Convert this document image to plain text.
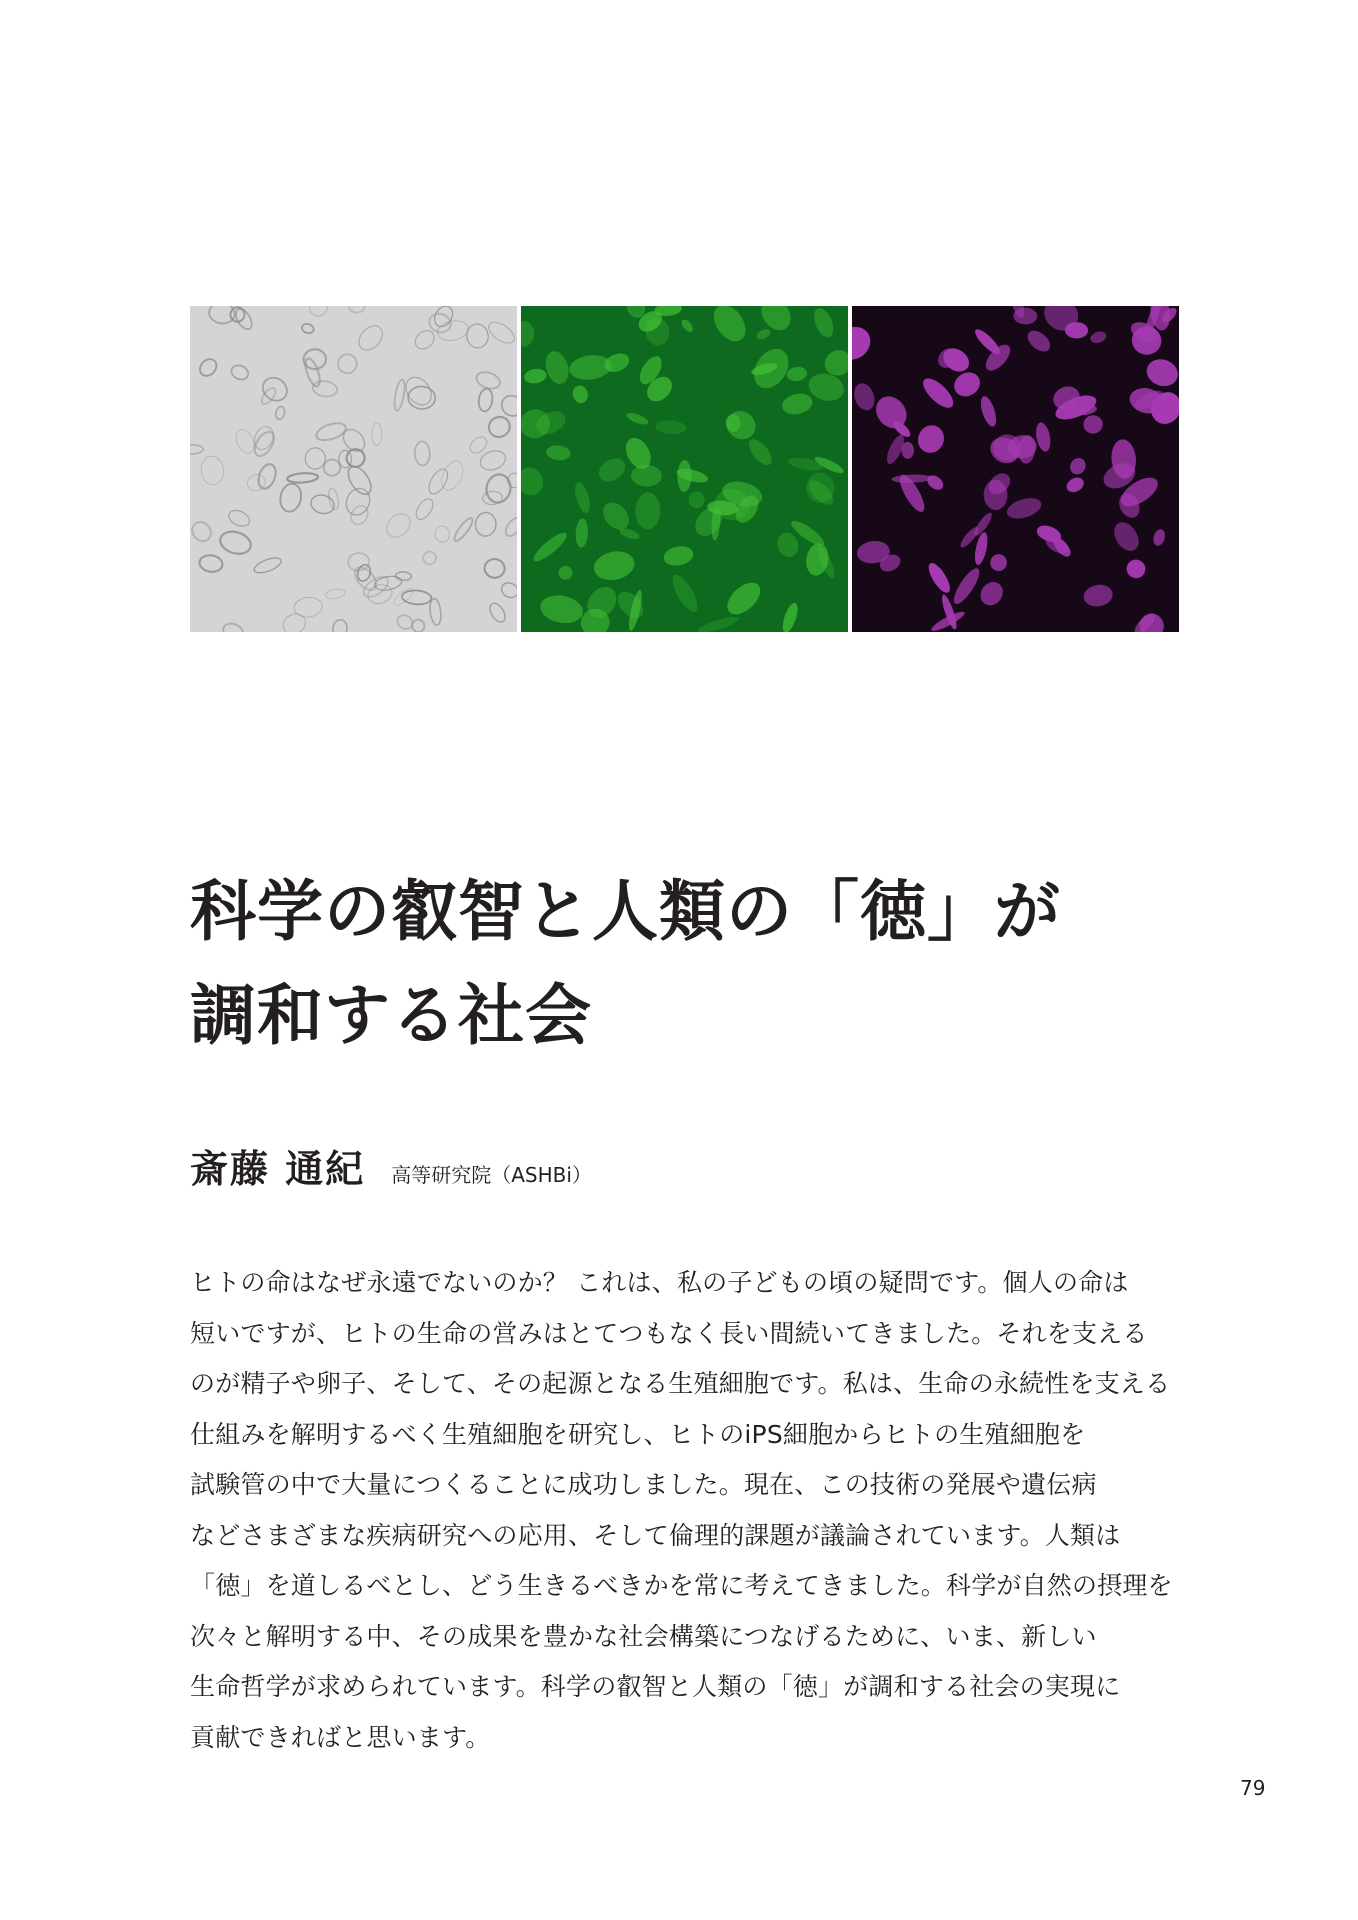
科学の叡智と人類の「徳」が
調和する社会
斎藤 通紀 高等研究院（ASHBi）
ヒトの命はなぜ永遠でないのか？ これは、私の子どもの頃の疑問です。個人の命は
短いですが、ヒトの生命の営みはとてつもなく長い間続いてきました。それを支える
のが精子や卵子、そして、その起源となる生殖細胞です。私は、生命の永続性を支える
仕組みを解明するべく生殖細胞を研究し、ヒトのiPS細胞からヒトの生殖細胞を
試験管の中で大量につくることに成功しました。現在、この技術の発展や遺伝病
などさまざまな疾病研究への応用、そして倫理的課題が議論されています。人類は
「徳」を道しるべとし、どう生きるべきかを常に考えてきました。科学が自然の摂理を
次々と解明する中、その成果を豊かな社会構築につなげるために、いま、新しい
生命哲学が求められています。科学の叡智と人類の「徳」が調和する社会の実現に
貢献できればと思います。
79
